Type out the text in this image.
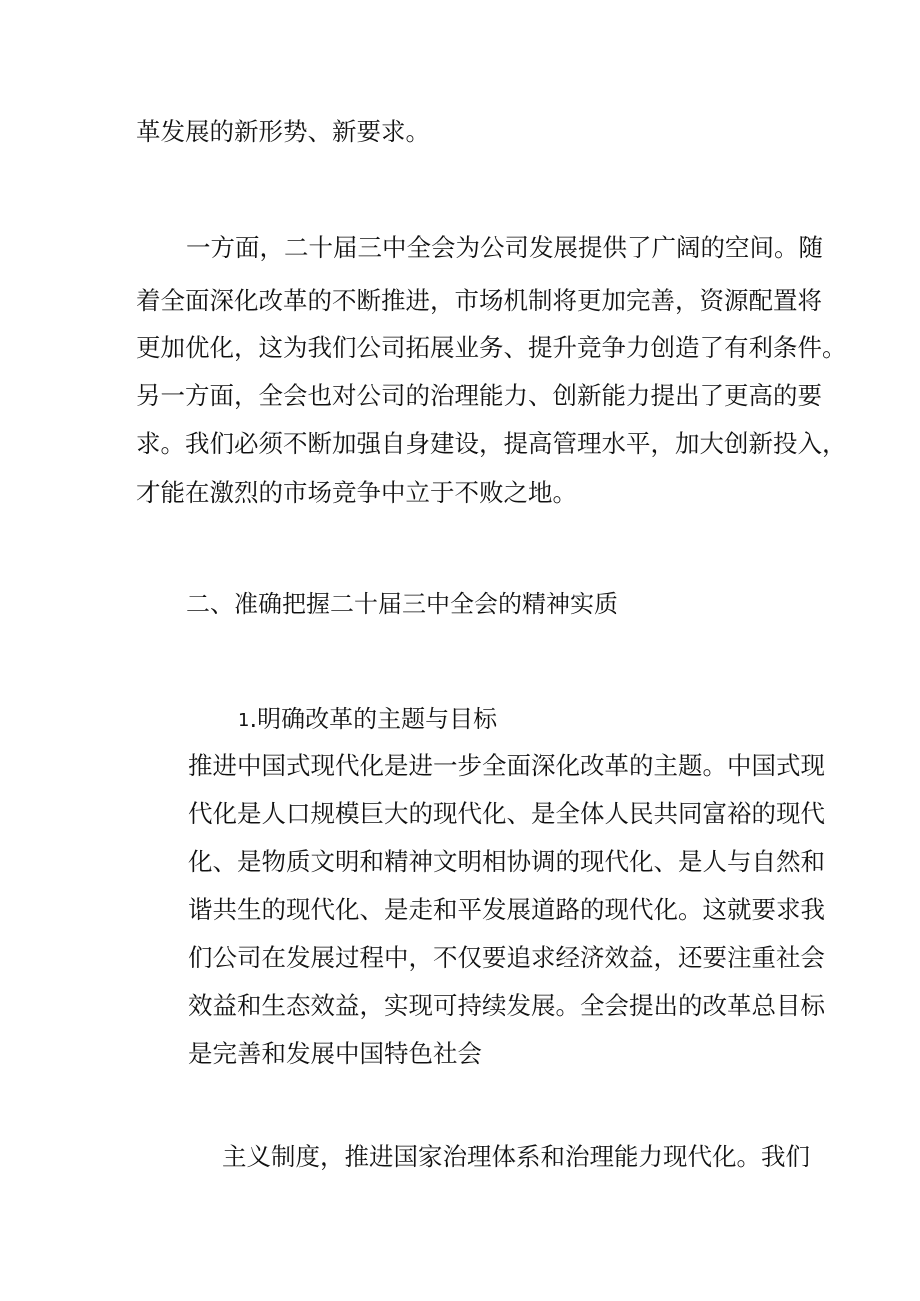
革发展的新形势、新要求。

一方面，二十届三中全会为公司发展提供了广阔的空间。随

着全面深化改革的不断推进，市场机制将更加完善，资源配置将

更加优化，这为我们公司拓展业务、提升竞争力创造了有利条件。

另一方面，全会也对公司的治理能力、创新能力提出了更高的要

求。我们必须不断加强自身建设，提高管理水平，加大创新投入，

才能在激烈的市场竞争中立于不败之地。

二、准确把握二十届三中全会的精神实质

1.明确改革的主题与目标

推进中国式现代化是进一步全面深化改革的主题。中国式现

代化是人口规模巨大的现代化、是全体人民共同富裕的现代

化、是物质文明和精神文明相协调的现代化、是人与自然和

谐共生的现代化、是走和平发展道路的现代化。这就要求我

们公司在发展过程中，不仅要追求经济效益，还要注重社会

效益和生态效益，实现可持续发展。全会提出的改革总目标

是完善和发展中国特色社会

主义制度，推进国家治理体系和治理能力现代化。我们
